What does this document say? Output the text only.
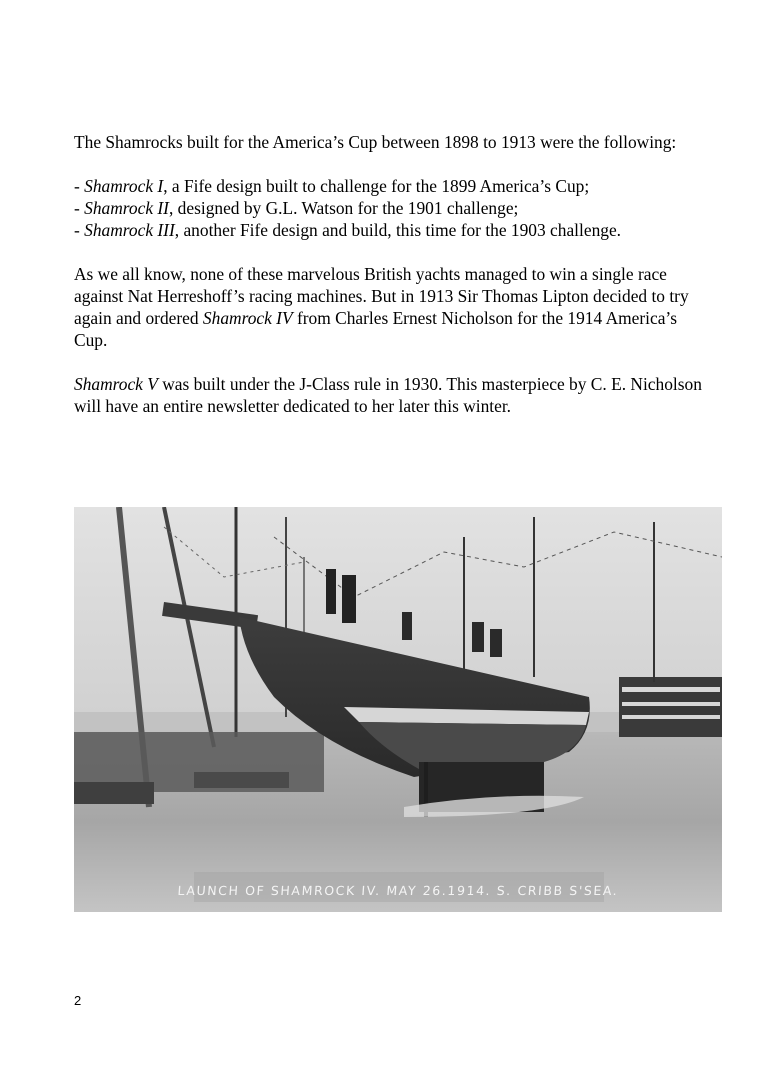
The Shamrocks built for the America’s Cup between 1898 to 1913 were the following:

- Shamrock I, a Fife design built to challenge for the 1899 America’s Cup;
- Shamrock II, designed by G.L. Watson for the 1901 challenge;
- Shamrock III, another Fife design and build, this time for the 1903 challenge.

As we all know, none of these marvelous British yachts managed to win a single race against Nat Herreshoff’s racing machines. But in 1913 Sir Thomas Lipton decided to try again and ordered Shamrock IV from Charles Ernest Nicholson for the 1914 America’s Cup.

Shamrock V was built under the J-Class rule in 1930. This masterpiece by C. E. Nicholson will have an entire newsletter dedicated to her later this winter.

LAUNCH OF SHAMROCK IV. MAY 26.1914. S. CRIBB S'SEA.
2
